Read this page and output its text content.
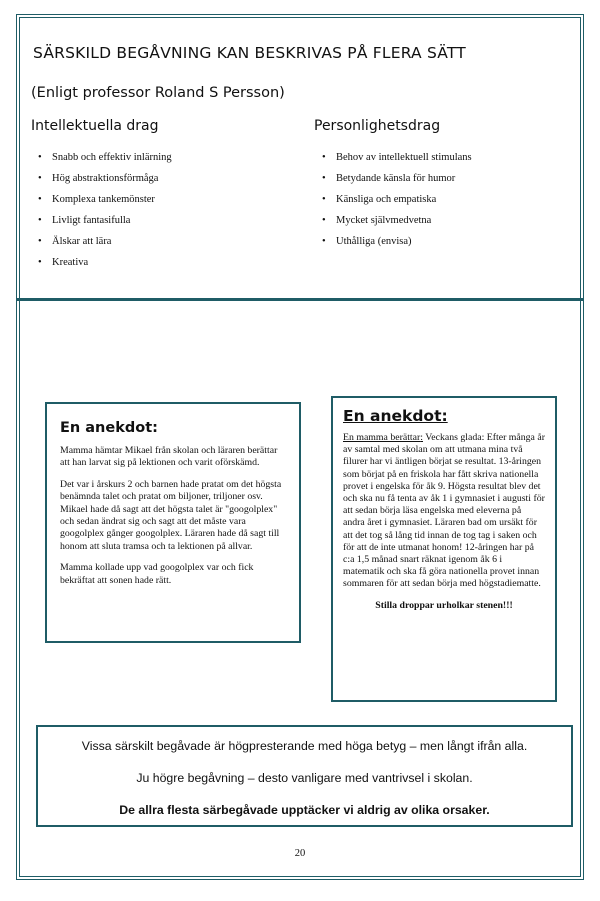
SÄRSKILD BEGÅVNING KAN BESKRIVAS PÅ FLERA SÄTT
(Enligt professor Roland S Persson)
Intellektuella drag	Personlighetsdrag
• Snabb och effektiv inlärning
• Hög abstraktionsförmåga
• Komplexa tankemönster
• Livligt fantasifulla
• Älskar att lära
• Kreativa
• Behov av intellektuell stimulans
• Betydande känsla för humor
• Känsliga och empatiska
• Mycket självmedvetna
• Uthålliga (envisa)
En anekdot:

Mamma hämtar Mikael från skolan och läraren berättar att han larvat sig på lektionen och varit oförskämd.

Det var i årskurs 2 och barnen hade pratat om det högsta benämnda talet och pratat om biljoner, triljoner osv. Mikael hade då sagt att det högsta talet är "googolplex" och sedan ändrat sig och sagt att det måste vara googolplex gånger googolplex. Läraren hade då sagt till honom att sluta tramsa och ta lektionen på allvar.

Mamma kollade upp vad googolplex var och fick bekräftat att sonen hade rätt.

En anekdot:

En mamma berättar: Veckans glada: Efter många år av samtal med skolan om att utmana mina två filurer har vi äntligen börjat se resultat. 13-åringen som börjat på en friskola har fått skriva nationella provet i engelska för åk 9. Högsta resultat blev det och ska nu få tenta av åk 1 i gymnasiet i augusti för att sedan börja läsa engelska med eleverna på andra året i gymnasiet. Läraren bad om ursäkt för att det tog så lång tid innan de tog tag i saken och för att de inte utmanat honom! 12-åringen har på c:a 1,5 månad snart räknat igenom åk 6 i matematik och ska få göra nationella provet innan sommaren för att sedan börja med högstadiematte.

Stilla droppar urholkar stenen!!!

Vissa särskilt begåvade är högpresterande med höga betyg – men långt ifrån alla.
Ju högre begåvning – desto vanligare med vantrivsel i skolan.
De allra flesta särbegåvade upptäcker vi aldrig av olika orsaker.
20
